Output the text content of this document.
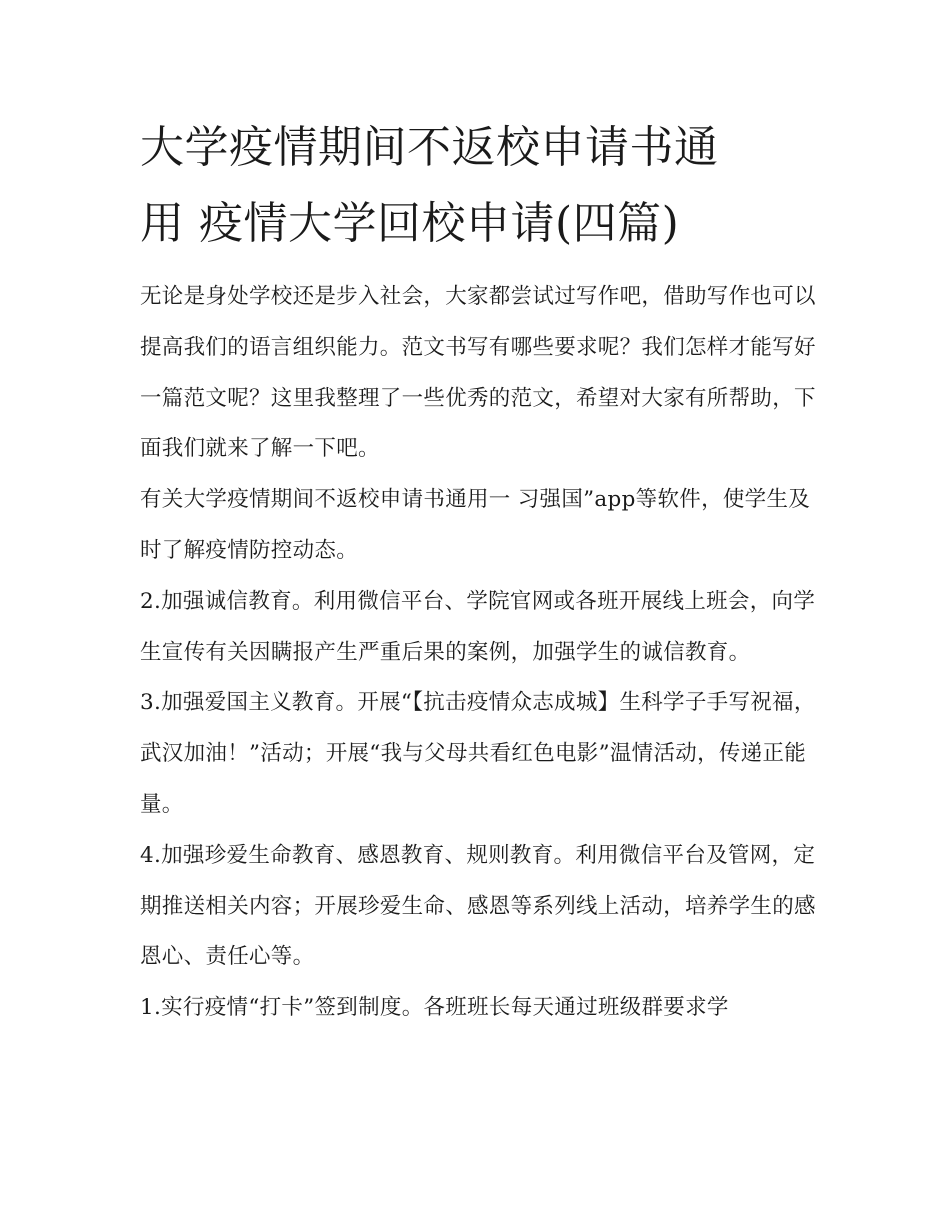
大学疫情期间不返校申请书通
用 疫情大学回校申请(四篇)

无论是身处学校还是步入社会，大家都尝试过写作吧，借助写作也可以提高我们的语言组织能力。范文书写有哪些要求呢？我们怎样才能写好一篇范文呢？这里我整理了一些优秀的范文，希望对大家有所帮助，下面我们就来了解一下吧。

有关大学疫情期间不返校申请书通用一 习强国”app等软件，使学生及时了解疫情防控动态。

2.加强诚信教育。利用微信平台、学院官网或各班开展线上班会，向学生宣传有关因瞒报产生严重后果的案例，加强学生的诚信教育。

3.加强爱国主义教育。开展“【抗击疫情众志成城】生科学子手写祝福，武汉加油！”活动；开展“我与父母共看红色电影”温情活动，传递正能量。

4.加强珍爱生命教育、感恩教育、规则教育。利用微信平台及管网，定期推送相关内容；开展珍爱生命、感恩等系列线上活动，培养学生的感恩心、责任心等。

1.实行疫情“打卡”签到制度。各班班长每天通过班级群要求学
